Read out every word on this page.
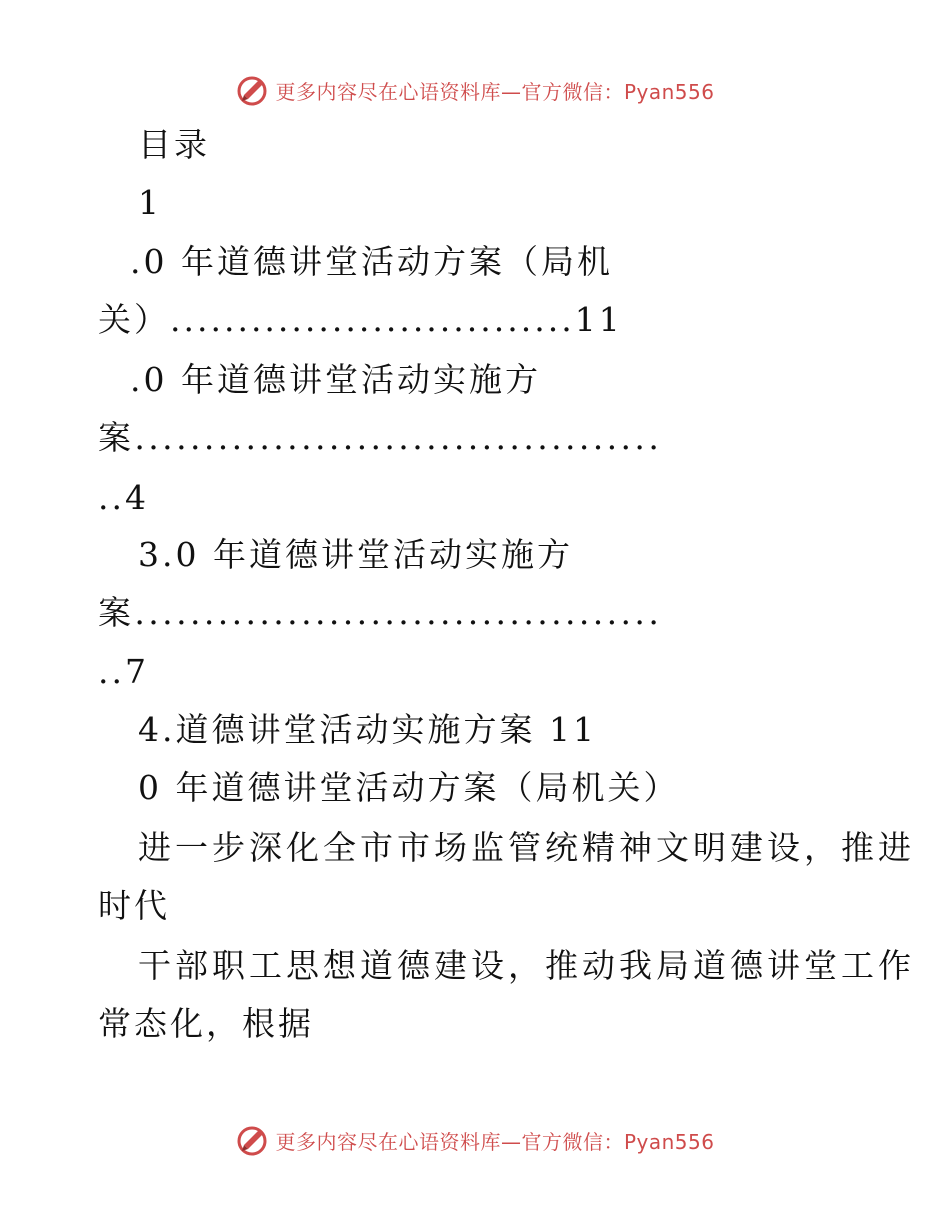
更多内容尽在心语资料库—官方微信：Pyan556
目录
1
.0 年道德讲堂活动方案（局机
关）..............................11
.0 年道德讲堂活动实施方
案......................................
..4
3.0 年道德讲堂活动实施方
案......................................
..7
4.道德讲堂活动实施方案 11
0 年道德讲堂活动方案（局机关）
进一步深化全市市场监管统精神文明建设，推进
时代
干部职工思想道德建设，推动我局道德讲堂工作
常态化，根据
更多内容尽在心语资料库—官方微信：Pyan556
